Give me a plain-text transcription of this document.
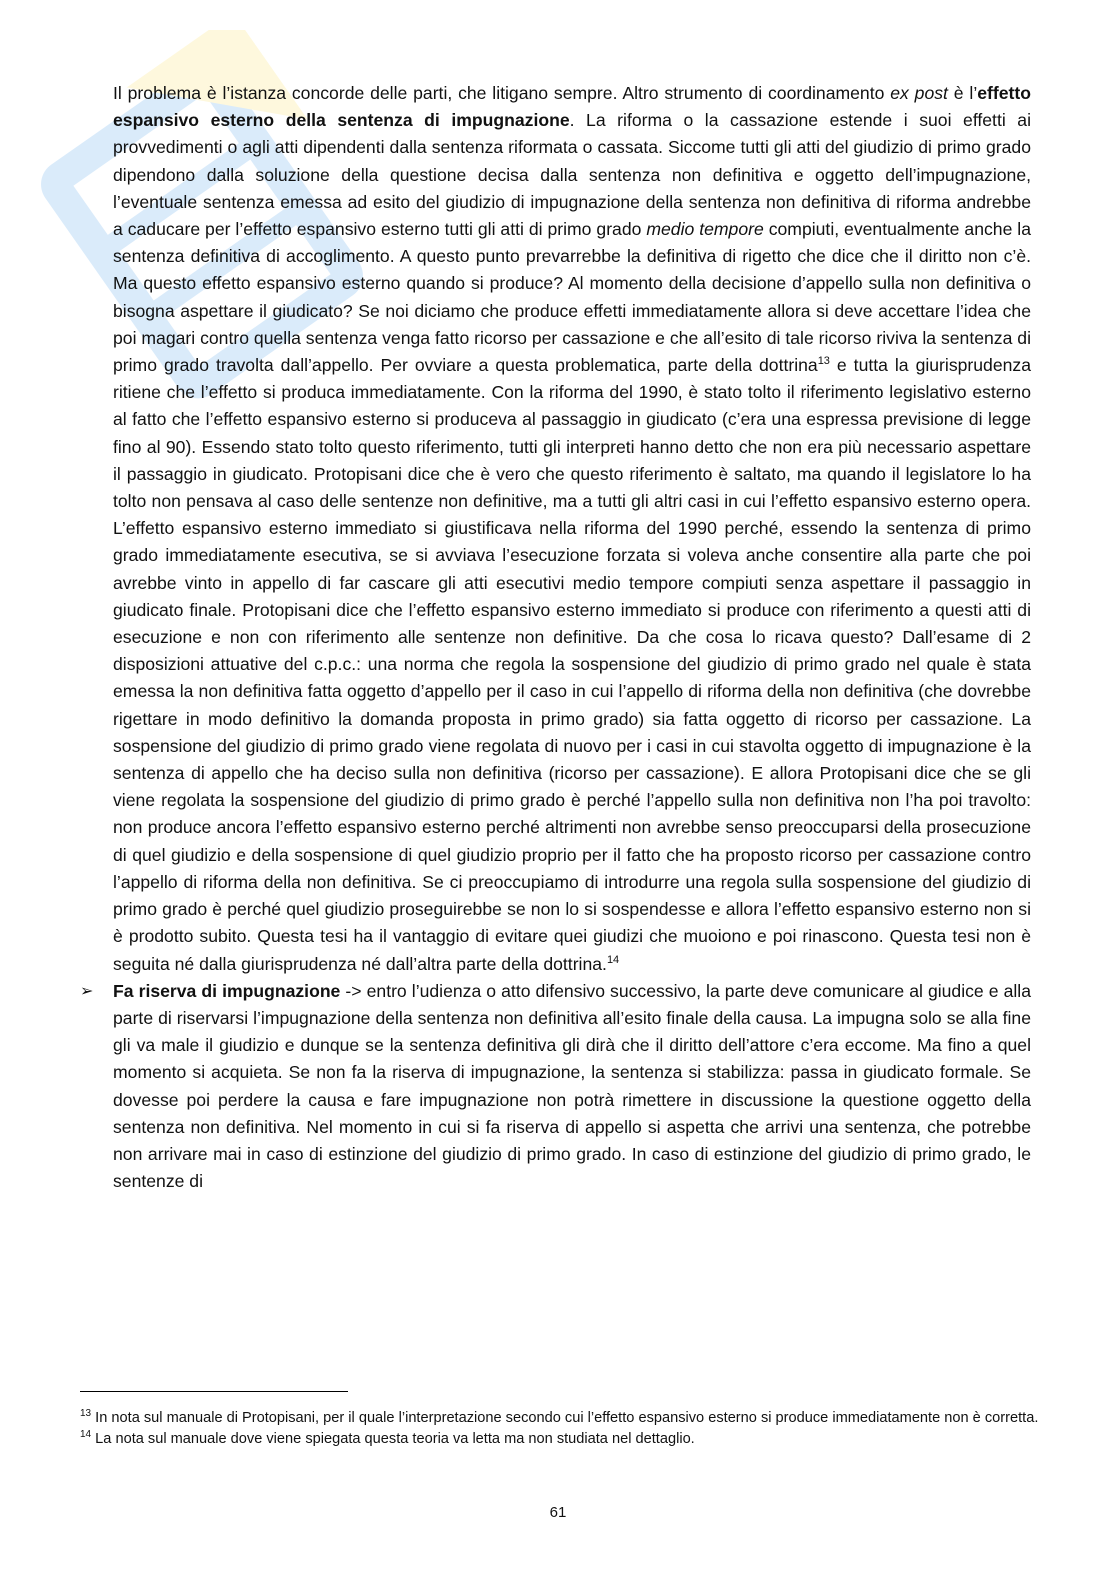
Il problema è l’istanza concorde delle parti, che litigano sempre. Altro strumento di coordinamento ex post è l’effetto espansivo esterno della sentenza di impugnazione. La riforma o la cassazione estende i suoi effetti ai provvedimenti o agli atti dipendenti dalla sentenza riformata o cassata. Siccome tutti gli atti del giudizio di primo grado dipendono dalla soluzione della questione decisa dalla sentenza non definitiva e oggetto dell’impugnazione, l’eventuale sentenza emessa ad esito del giudizio di impugnazione della sentenza non definitiva di riforma andrebbe a caducare per l’effetto espansivo esterno tutti gli atti di primo grado medio tempore compiuti, eventualmente anche la sentenza definitiva di accoglimento. A questo punto prevarrebbe la definitiva di rigetto che dice che il diritto non c’è. Ma questo effetto espansivo esterno quando si produce? Al momento della decisione d’appello sulla non definitiva o bisogna aspettare il giudicato? Se noi diciamo che produce effetti immediatamente allora si deve accettare l’idea che poi magari contro quella sentenza venga fatto ricorso per cassazione e che all’esito di tale ricorso riviva la sentenza di primo grado travolta dall’appello. Per ovviare a questa problematica, parte della dottrina$^{13}$ e tutta la giurisprudenza ritiene che l’effetto si produca immediatamente. Con la riforma del 1990, è stato tolto il riferimento legislativo esterno al fatto che l’effetto espansivo esterno si produceva al passaggio in giudicato (c’era una espressa previsione di legge fino al 90). Essendo stato tolto questo riferimento, tutti gli interpreti hanno detto che non era più necessario aspettare il passaggio in giudicato. Protopisani dice che è vero che questo riferimento è saltato, ma quando il legislatore lo ha tolto non pensava al caso delle sentenze non definitive, ma a tutti gli altri casi in cui l’effetto espansivo esterno opera. L’effetto espansivo esterno immediato si giustificava nella riforma del 1990 perché, essendo la sentenza di primo grado immediatamente esecutiva, se si avviava l’esecuzione forzata si voleva anche consentire alla parte che poi avrebbe vinto in appello di far cascare gli atti esecutivi medio tempore compiuti senza aspettare il passaggio in giudicato finale. Protopisani dice che l’effetto espansivo esterno immediato si produce con riferimento a questi atti di esecuzione e non con riferimento alle sentenze non definitive. Da che cosa lo ricava questo? Dall’esame di 2 disposizioni attuative del c.p.c.: una norma che regola la sospensione del giudizio di primo grado nel quale è stata emessa la non definitiva fatta oggetto d’appello per il caso in cui l’appello di riforma della non definitiva (che dovrebbe rigettare in modo definitivo la domanda proposta in primo grado) sia fatta oggetto di ricorso per cassazione. La sospensione del giudizio di primo grado viene regolata di nuovo per i casi in cui stavolta oggetto di impugnazione è la sentenza di appello che ha deciso sulla non definitiva (ricorso per cassazione). E allora Protopisani dice che se gli viene regolata la sospensione del giudizio di primo grado è perché l’appello sulla non definitiva non l’ha poi travolto: non produce ancora l’effetto espansivo esterno perché altrimenti non avrebbe senso preoccuparsi della prosecuzione di quel giudizio e della sospensione di quel giudizio proprio per il fatto che ha proposto ricorso per cassazione contro l’appello di riforma della non definitiva. Se ci preoccupiamo di introdurre una regola sulla sospensione del giudizio di primo grado è perché quel giudizio proseguirebbe se non lo si sospendesse e allora l’effetto espansivo esterno non si è prodotto subito. Questa tesi ha il vantaggio di evitare quei giudizi che muoiono e poi rinascono. Questa tesi non è seguita né dalla giurisprudenza né dall’altra parte della dottrina.$^{14}$

➢ Fa riserva di impugnazione -> entro l’udienza o atto difensivo successivo, la parte deve comunicare al giudice e alla parte di riservarsi l’impugnazione della sentenza non definitiva all’esito finale della causa. La impugna solo se alla fine gli va male il giudizio e dunque se la sentenza definitiva gli dirà che il diritto dell’attore c’era eccome. Ma fino a quel momento si acquieta. Se non fa la riserva di impugnazione, la sentenza si stabilizza: passa in giudicato formale. Se dovesse poi perdere la causa e fare impugnazione non potrà rimettere in discussione la questione oggetto della sentenza non definitiva. Nel momento in cui si fa riserva di appello si aspetta che arrivi una sentenza, che potrebbe non arrivare mai in caso di estinzione del giudizio di primo grado. In caso di estinzione del giudizio di primo grado, le sentenze di

$^{13}$ In nota sul manuale di Protopisani, per il quale l’interpretazione secondo cui l’effetto espansivo esterno si produce immediatamente non è corretta.

$^{14}$ La nota sul manuale dove viene spiegata questa teoria va letta ma non studiata nel dettaglio.

61
